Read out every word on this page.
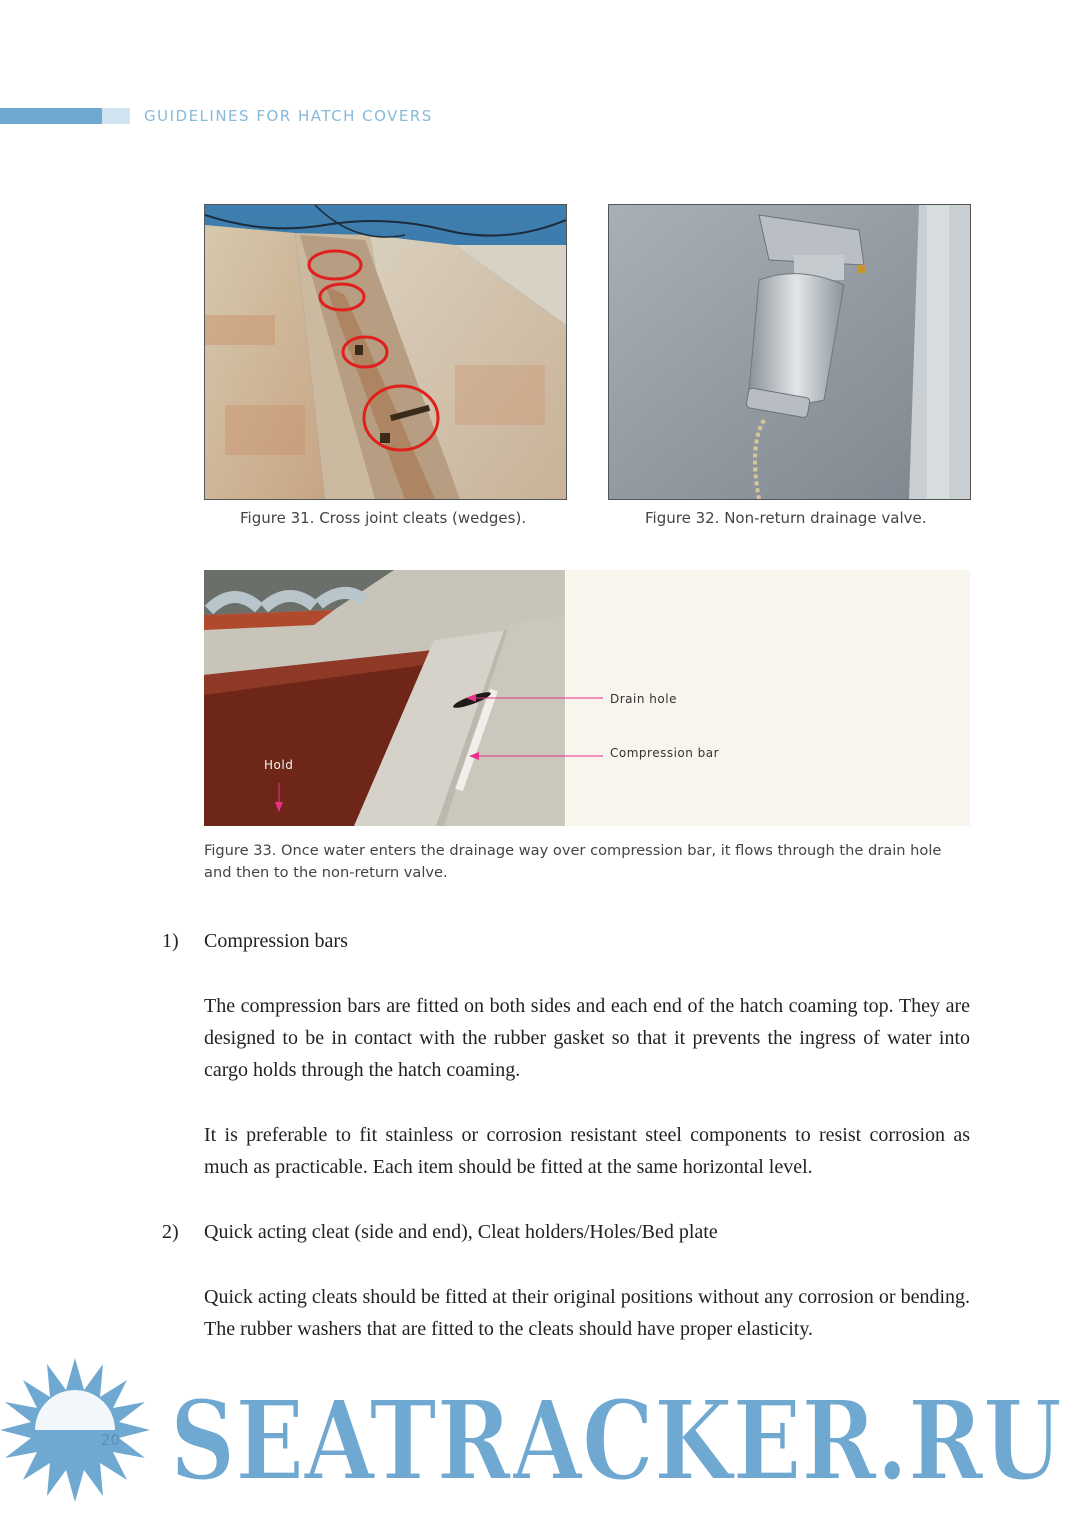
GUIDELINES FOR HATCH COVERS
Figure 31. Cross joint cleats (wedges).	Figure 32. Non-return drainage valve.
Drain hole
Compression bar
Hold
Figure 33. Once water enters the drainage way over compression bar, it flows through the drain hole
and then to the non-return valve.
1) Compression bars

The compression bars are fitted on both sides and each end of the hatch coaming top. They are designed to be in contact with the rubber gasket so that it prevents the ingress of water into cargo holds through the hatch coaming.

It is preferable to fit stainless or corrosion resistant steel components to resist corrosion as much as practicable. Each item should be fitted at the same horizontal level.

2) Quick acting cleat (side and end), Cleat holders/Holes/Bed plate

Quick acting cleats should be fitted at their original positions without any corrosion or bending. The rubber washers that are fitted to the cleats should have proper elasticity.

SEATRACKER.RU
20
